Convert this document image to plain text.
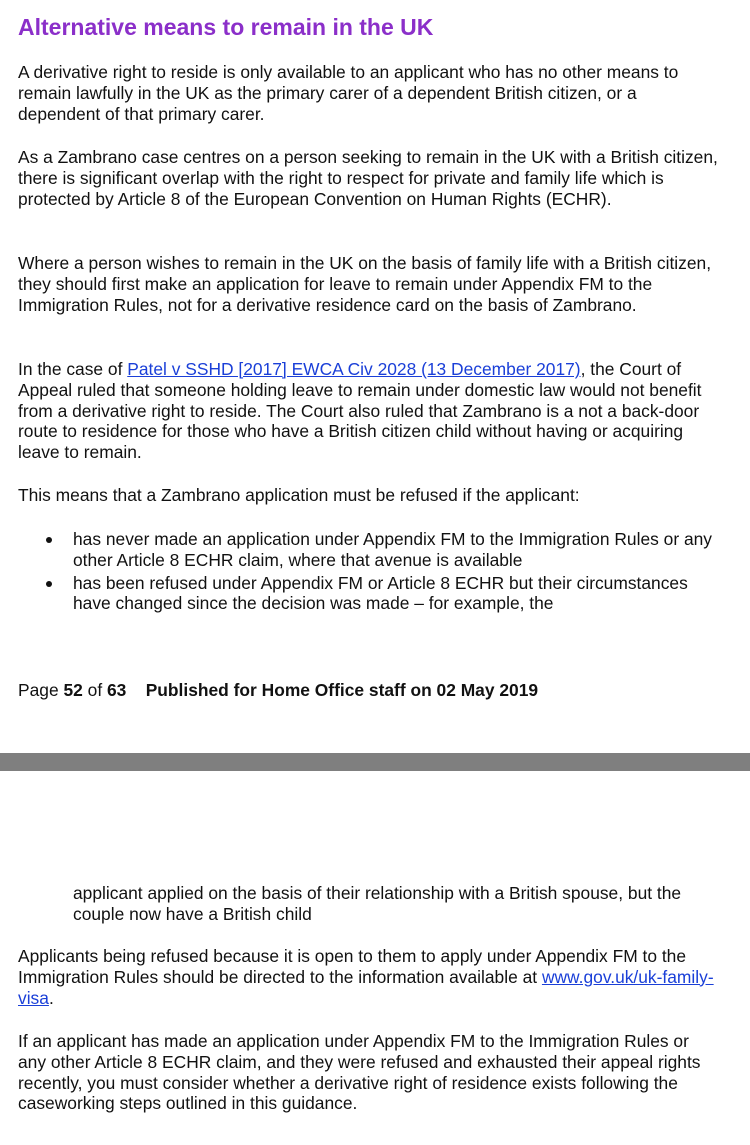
Alternative means to remain in the UK

A derivative right to reside is only available to an applicant who has no other means to remain lawfully in the UK as the primary carer of a dependent British citizen, or a dependent of that primary carer.

As a Zambrano case centres on a person seeking to remain in the UK with a British citizen, there is significant overlap with the right to respect for private and family life which is protected by Article 8 of the European Convention on Human Rights (ECHR).

Where a person wishes to remain in the UK on the basis of family life with a British citizen, they should first make an application for leave to remain under Appendix FM to the Immigration Rules, not for a derivative residence card on the basis of Zambrano.

In the case of Patel v SSHD [2017] EWCA Civ 2028 (13 December 2017), the Court of Appeal ruled that someone holding leave to remain under domestic law would not benefit from a derivative right to reside. The Court also ruled that Zambrano is a not a back-door route to residence for those who have a British citizen child without having or acquiring leave to remain.

This means that a Zambrano application must be refused if the applicant:

has never made an application under Appendix FM to the Immigration Rules or any other Article 8 ECHR claim, where that avenue is available
has been refused under Appendix FM or Article 8 ECHR but their circumstances have changed since the decision was made – for example, the
Page 52 of 63 Published for Home Office staff on 02 May 2019

applicant applied on the basis of their relationship with a British spouse, but the couple now have a British child

Applicants being refused because it is open to them to apply under Appendix FM to the Immigration Rules should be directed to the information available at www.gov.uk/uk-family-visa.

If an applicant has made an application under Appendix FM to the Immigration Rules or any other Article 8 ECHR claim, and they were refused and exhausted their appeal rights recently, you must consider whether a derivative right of residence exists following the caseworking steps outlined in this guidance.
